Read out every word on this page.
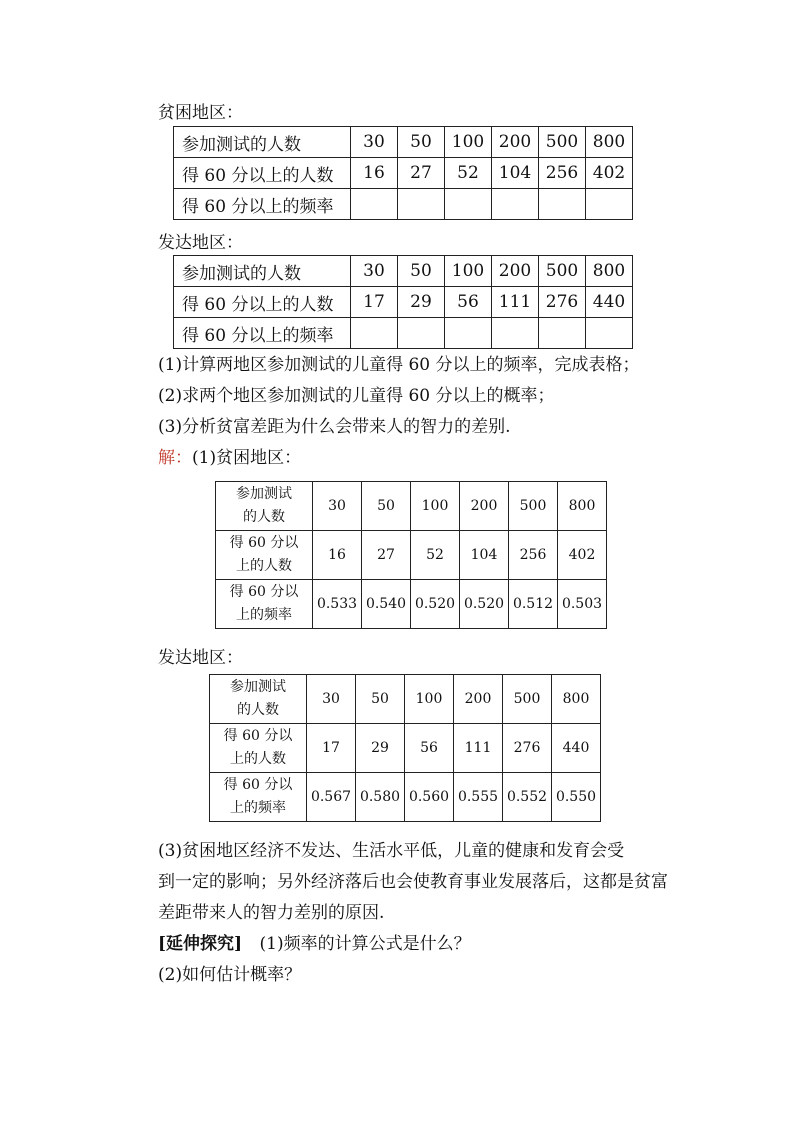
贫困地区：
参加测试的人数	30	50	100	200	500	800
得 60 分以上的人数	16	27	52	104	256	402
得 60 分以上的频率						
发达地区：
参加测试的人数	30	50	100	200	500	800
得 60 分以上的人数	17	29	56	111	276	440
得 60 分以上的频率						
(1)计算两地区参加测试的儿童得 60 分以上的频率，完成表格；
(2)求两个地区参加测试的儿童得 60 分以上的概率；
(3)分析贫富差距为什么会带来人的智力的差别.
解：(1)贫困地区：
参加测试
的人数	30	50	100	200	500	800
得 60 分以
上的人数	16	27	52	104	256	402
得 60 分以
上的频率	0.533	0.540	0.520	0.520	0.512	0.503
发达地区：
参加测试
的人数	30	50	100	200	500	800
得 60 分以
上的人数	17	29	56	111	276	440
得 60 分以
上的频率	0.567	0.580	0.560	0.555	0.552	0.550
(3)贫困地区经济不发达、生活水平低，儿童的健康和发育会受
到一定的影响；另外经济落后也会使教育事业发展落后，这都是贫富
差距带来人的智力差别的原因.
[延伸探究] (1)频率的计算公式是什么？
(2)如何估计概率？
